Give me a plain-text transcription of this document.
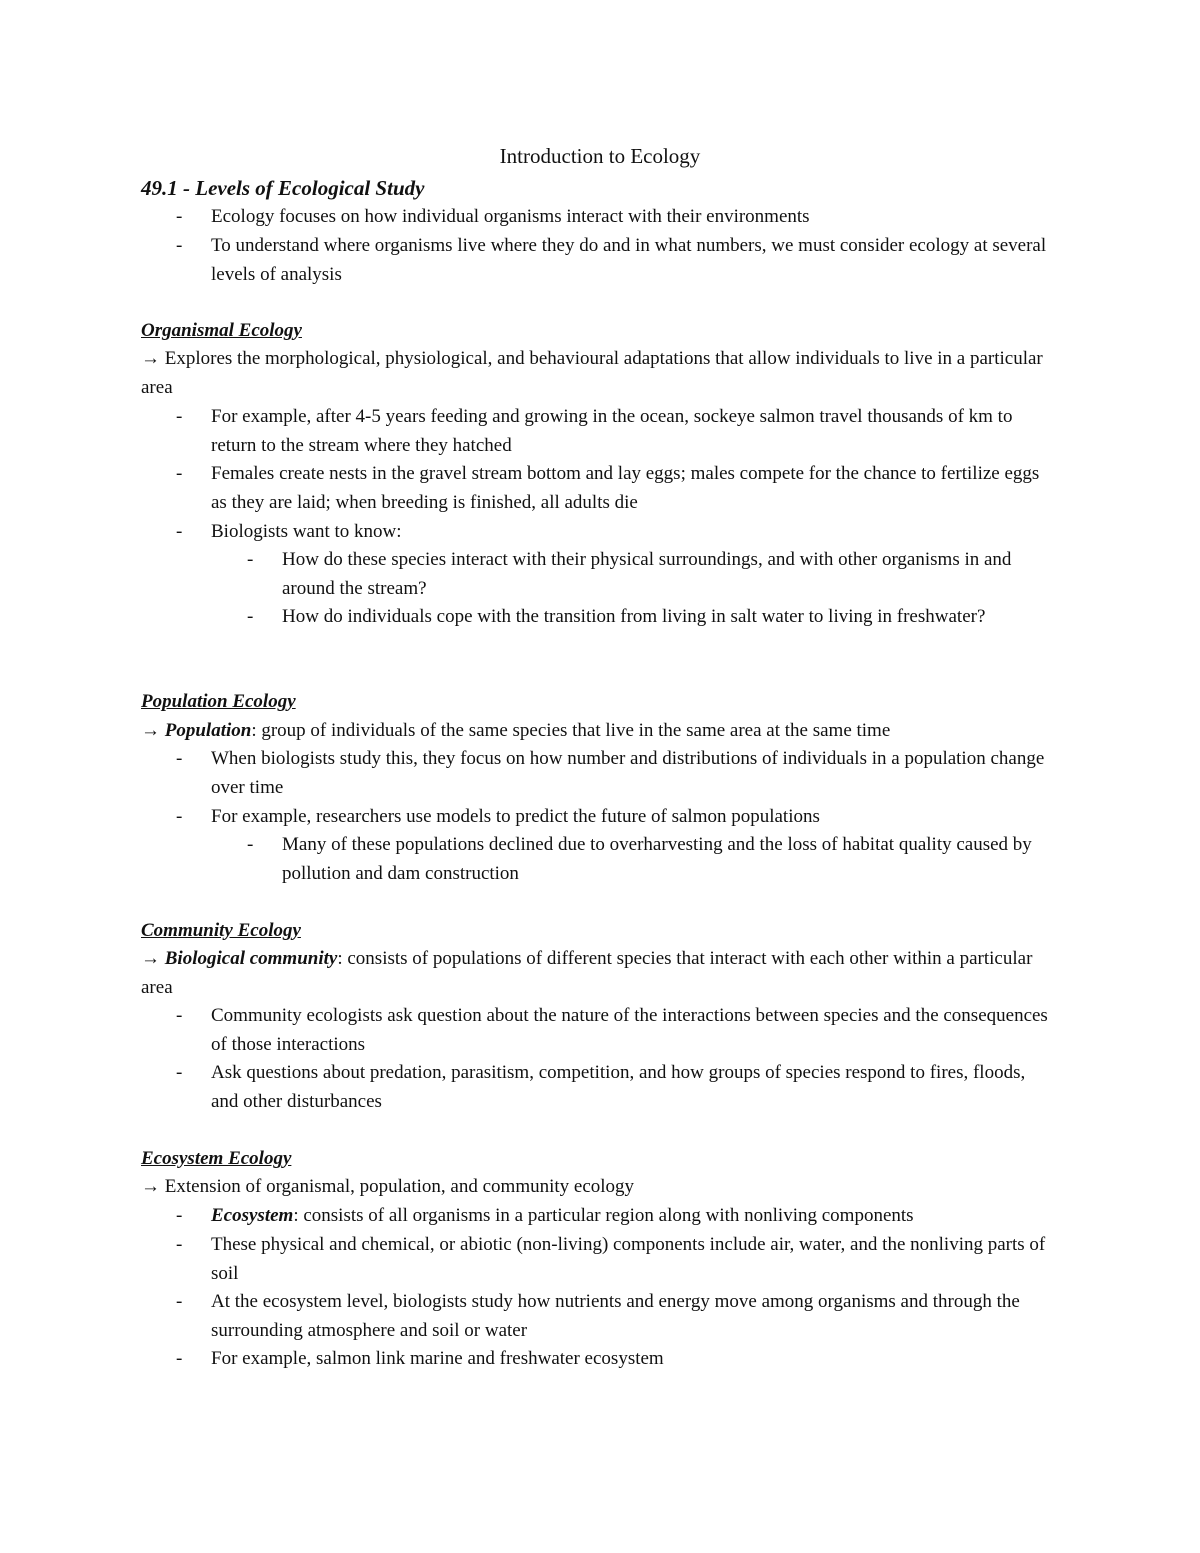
Introduction to Ecology
49.1 - Levels of Ecological Study
- Ecology focuses on how individual organisms interact with their environments
- To understand where organisms live where they do and in what numbers, we must consider ecology at several levels of analysis
Organismal Ecology
→ Explores the morphological, physiological, and behavioural adaptations that allow individuals to live in a particular area
- For example, after 4-5 years feeding and growing in the ocean, sockeye salmon travel thousands of km to return to the stream where they hatched
- Females create nests in the gravel stream bottom and lay eggs; males compete for the chance to fertilize eggs as they are laid; when breeding is finished, all adults die
- Biologists want to know:
- How do these species interact with their physical surroundings, and with other organisms in and around the stream?
- How do individuals cope with the transition from living in salt water to living in freshwater?
Population Ecology
→ Population: group of individuals of the same species that live in the same area at the same time
- When biologists study this, they focus on how number and distributions of individuals in a population change over time
- For example, researchers use models to predict the future of salmon populations
- Many of these populations declined due to overharvesting and the loss of habitat quality caused by pollution and dam construction
Community Ecology
→ Biological community: consists of populations of different species that interact with each other within a particular area
- Community ecologists ask question about the nature of the interactions between species and the consequences of those interactions
- Ask questions about predation, parasitism, competition, and how groups of species respond to fires, floods, and other disturbances
Ecosystem Ecology
→ Extension of organismal, population, and community ecology
- Ecosystem: consists of all organisms in a particular region along with nonliving components
- These physical and chemical, or abiotic (non-living) components include air, water, and the nonliving parts of soil
- At the ecosystem level, biologists study how nutrients and energy move among organisms and through the surrounding atmosphere and soil or water
- For example, salmon link marine and freshwater ecosystem
